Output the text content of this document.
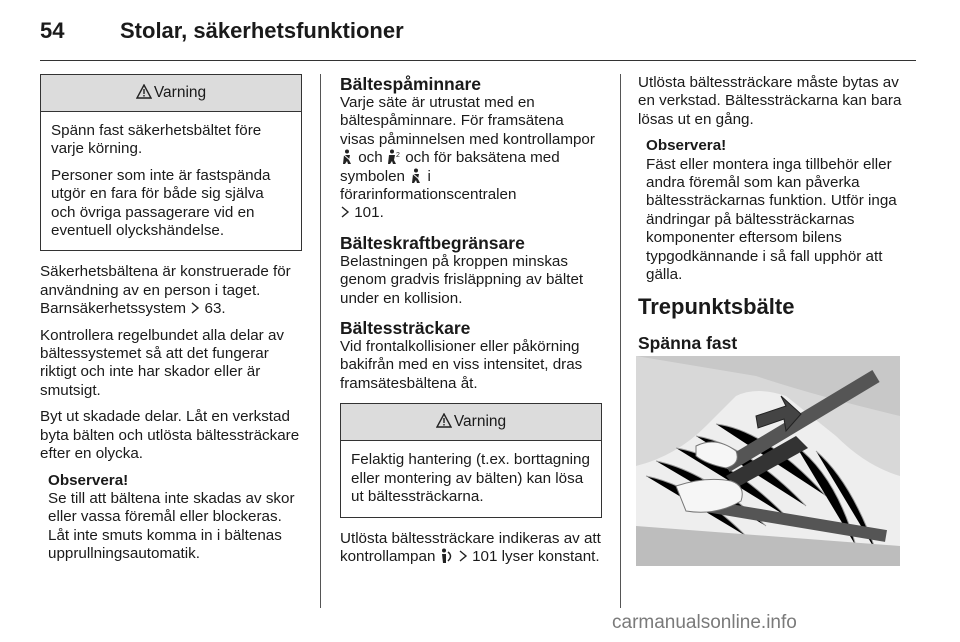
54	Stolar, säkerhetsfunktioner
Varning

Spänn fast säkerhetsbältet före varje körning.

Personer som inte är fastspända utgör en fara för både sig själva och övriga passagerare vid en eventuell olyckshändelse.

Säkerhetsbältena är konstruerade för användning av en person i taget. Barnsäkerhetssystem 63.

Kontrollera regelbundet alla delar av bältessystemet så att det fungerar riktigt och inte har skador eller är smutsigt.

Byt ut skadade delar. Låt en verkstad byta bälten och utlösta bältessträckare efter en olycka.

Observera!
Se till att bältena inte skadas av skor eller vassa föremål eller blockeras. Låt inte smuts komma in i bältenas upprullningsautomatik.
Bältespåminnare
Varje säte är utrustat med en bältespåminnare. För framsätena visas påminnelsen med kontrollampor  och 2 och för baksätena med symbolen i förarinformationscentralen
101.
Bälteskraftbegränsare
Belastningen på kroppen minskas genom gradvis frisläppning av bältet under en kollision.
Bältessträckare
Vid frontalkollisioner eller påkörning bakifrån med en viss intensitet, dras framsätesbältena åt.
Varning

Felaktig hantering (t.ex. borttagning eller montering av bälten) kan lösa ut bältessträckarna.

Utlösta bältessträckare indikeras av att kontrollampan 101 lyser konstant.

Utlösta bältessträckare måste bytas av en verkstad. Bältessträckarna kan bara lösas ut en gång.

Observera!
Fäst eller montera inga tillbehör eller andra föremål som kan påverka bältessträckarnas funktion. Utför inga ändringar på bältessträckarnas komponenter eftersom bilens typgodkännande i så fall upphör att gälla.
Trepunktsbälte
Spänna fast
carmanualsonline.info
